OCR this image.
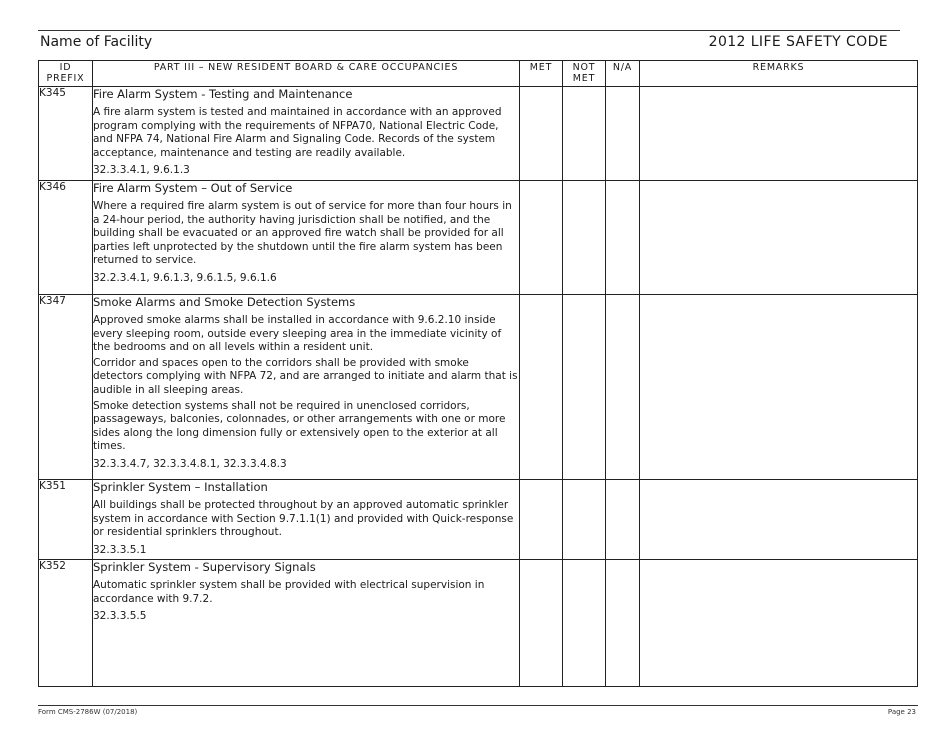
Name of Facility	2012 LIFE SAFETY CODE
ID PREFIX	PART III – NEW RESIDENT BOARD & CARE OCCUPANCIES	MET	NOT MET	N/A	REMARKS
K345	Fire Alarm System - Testing and Maintenance
A fire alarm system is tested and maintained in accordance with an approved program complying with the requirements of NFPA70, National Electric Code, and NFPA 74, National Fire Alarm and Signaling Code. Records of the system acceptance, maintenance and testing are readily available.
32.3.3.4.1, 9.6.1.3				

K346	Fire Alarm System – Out of Service
Where a required fire alarm system is out of service for more than four hours in a 24-hour period, the authority having jurisdiction shall be notified, and the building shall be evacuated or an approved fire watch shall be provided for all parties left unprotected by the shutdown until the fire alarm system has been returned to service.
32.2.3.4.1, 9.6.1.3, 9.6.1.5, 9.6.1.6				

K347	Smoke Alarms and Smoke Detection Systems
Approved smoke alarms shall be installed in accordance with 9.6.2.10 inside every sleeping room, outside every sleeping area in the immediate vicinity of the bedrooms and on all levels within a resident unit.
Corridor and spaces open to the corridors shall be provided with smoke detectors complying with NFPA 72, and are arranged to initiate and alarm that is audible in all sleeping areas.
Smoke detection systems shall not be required in unenclosed corridors, passageways, balconies, colonnades, or other arrangements with one or more sides along the long dimension fully or extensively open to the exterior at all times.
32.3.3.4.7, 32.3.3.4.8.1, 32.3.3.4.8.3				

K351	Sprinkler System – Installation
All buildings shall be protected throughout by an approved automatic sprinkler system in accordance with Section 9.7.1.1(1) and provided with Quick-response or residential sprinklers throughout.
32.3.3.5.1				

K352	Sprinkler System - Supervisory Signals
Automatic sprinkler system shall be provided with electrical supervision in accordance with 9.7.2.
32.3.3.5.5				

Form CMS-2786W (07/2018)	Page 23
